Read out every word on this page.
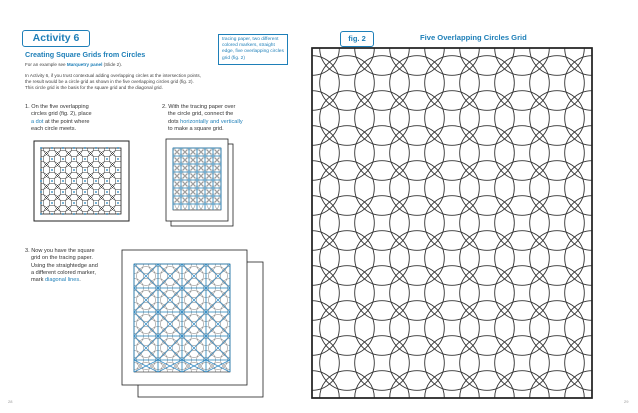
Activity 6
Creating Square Grids from Circles
For an example see Marquetry panel (Slide 2).
In Activity 6, if you trust contextual adding overlapping circles at the intersection points,
the result would be a circle grid as shown in the five overlapping circles grid (fig. 2).
This circle grid is the basis for the square grid and the diagonal grid.
tracing paper, two different colored markers, straight edge, five overlapping circles grid (fig. 2)
1. On the five overlapping
circles grid (fig. 2), place
a dot at the point where
each circle meets.
2. With the tracing paper over
the circle grid, connect the
dots horizontally and vertically
to make a square grid.
3. Now you have the square
grid on the tracing paper.
Using the straightedge and
a different colored marker,
mark diagonal lines.
28
fig. 2	Five Overlapping Circles Grid
29
